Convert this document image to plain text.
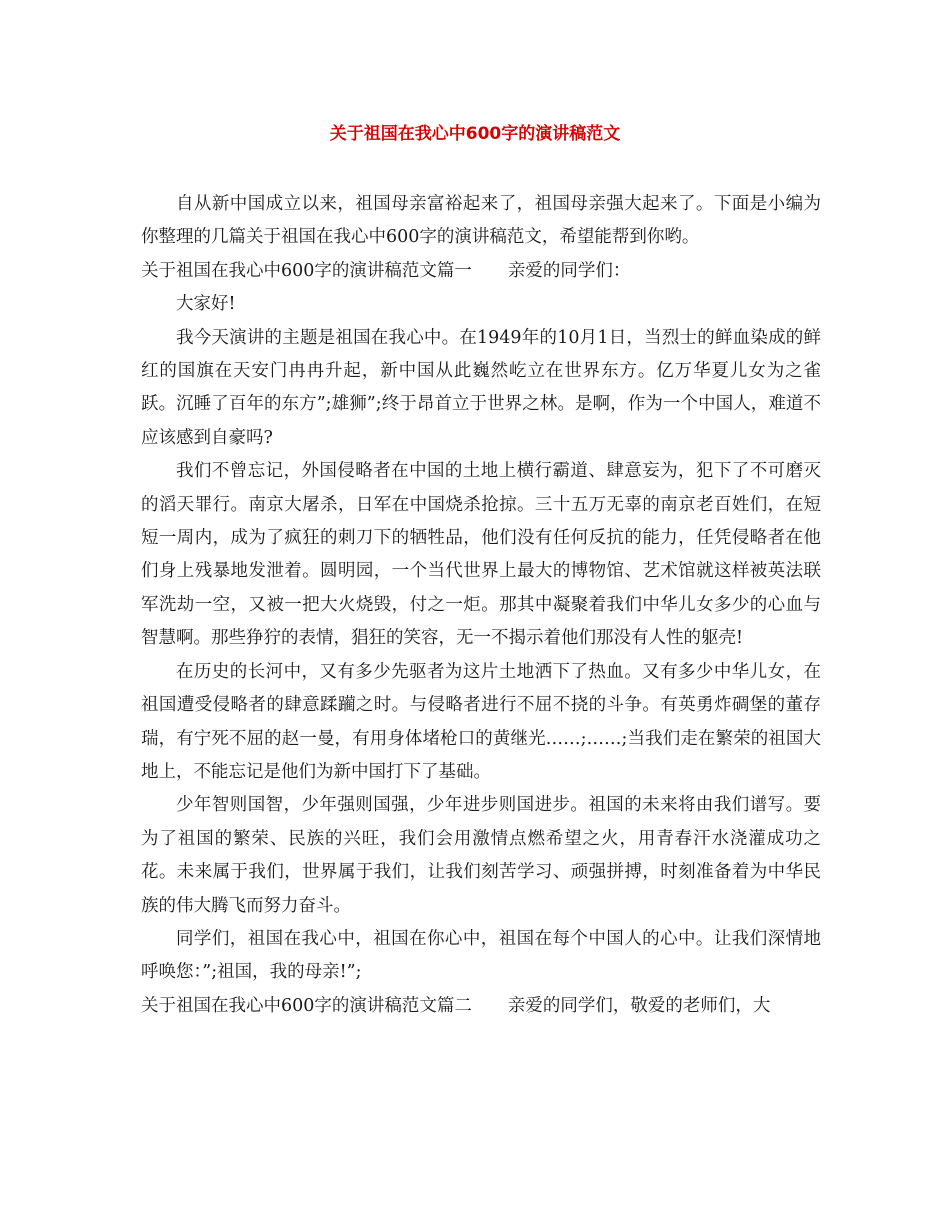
关于祖国在我心中600字的演讲稿范文

自从新中国成立以来，祖国母亲富裕起来了，祖国母亲强大起来了。下面是小编为你整理的几篇关于祖国在我心中600字的演讲稿范文，希望能帮到你哟。

关于祖国在我心中600字的演讲稿范文篇一 亲爱的同学们：

大家好!

我今天演讲的主题是祖国在我心中。在1949年的10月1日，当烈士的鲜血染成的鲜红的国旗在天安门冉冉升起，新中国从此巍然屹立在世界东方。亿万华夏儿女为之雀跃。沉睡了百年的东方”;雄狮”;终于昂首立于世界之林。是啊，作为一个中国人，难道不应该感到自豪吗?

我们不曾忘记，外国侵略者在中国的土地上横行霸道、肆意妄为，犯下了不可磨灭的滔天罪行。南京大屠杀，日军在中国烧杀抢掠。三十五万无辜的南京老百姓们，在短短一周内，成为了疯狂的刺刀下的牺牲品，他们没有任何反抗的能力，任凭侵略者在他们身上残暴地发泄着。圆明园，一个当代世界上最大的博物馆、艺术馆就这样被英法联军洗劫一空，又被一把大火烧毁，付之一炬。那其中凝聚着我们中华儿女多少的心血与智慧啊。那些狰狞的表情，猖狂的笑容，无一不揭示着他们那没有人性的躯壳!

在历史的长河中，又有多少先驱者为这片土地洒下了热血。又有多少中华儿女，在祖国遭受侵略者的肆意蹂躏之时。与侵略者进行不屈不挠的斗争。有英勇炸碉堡的董存瑞，有宁死不屈的赵一曼，有用身体堵枪口的黄继光……;……;当我们走在繁荣的祖国大地上，不能忘记是他们为新中国打下了基础。

少年智则国智，少年强则国强，少年进步则国进步。祖国的未来将由我们谱写。要为了祖国的繁荣、民族的兴旺，我们会用激情点燃希望之火，用青春汗水浇灌成功之花。未来属于我们，世界属于我们，让我们刻苦学习、顽强拼搏，时刻准备着为中华民族的伟大腾飞而努力奋斗。

同学们，祖国在我心中，祖国在你心中，祖国在每个中国人的心中。让我们深情地呼唤您：”;祖国，我的母亲!”;

关于祖国在我心中600字的演讲稿范文篇二 亲爱的同学们，敬爱的老师们，大
